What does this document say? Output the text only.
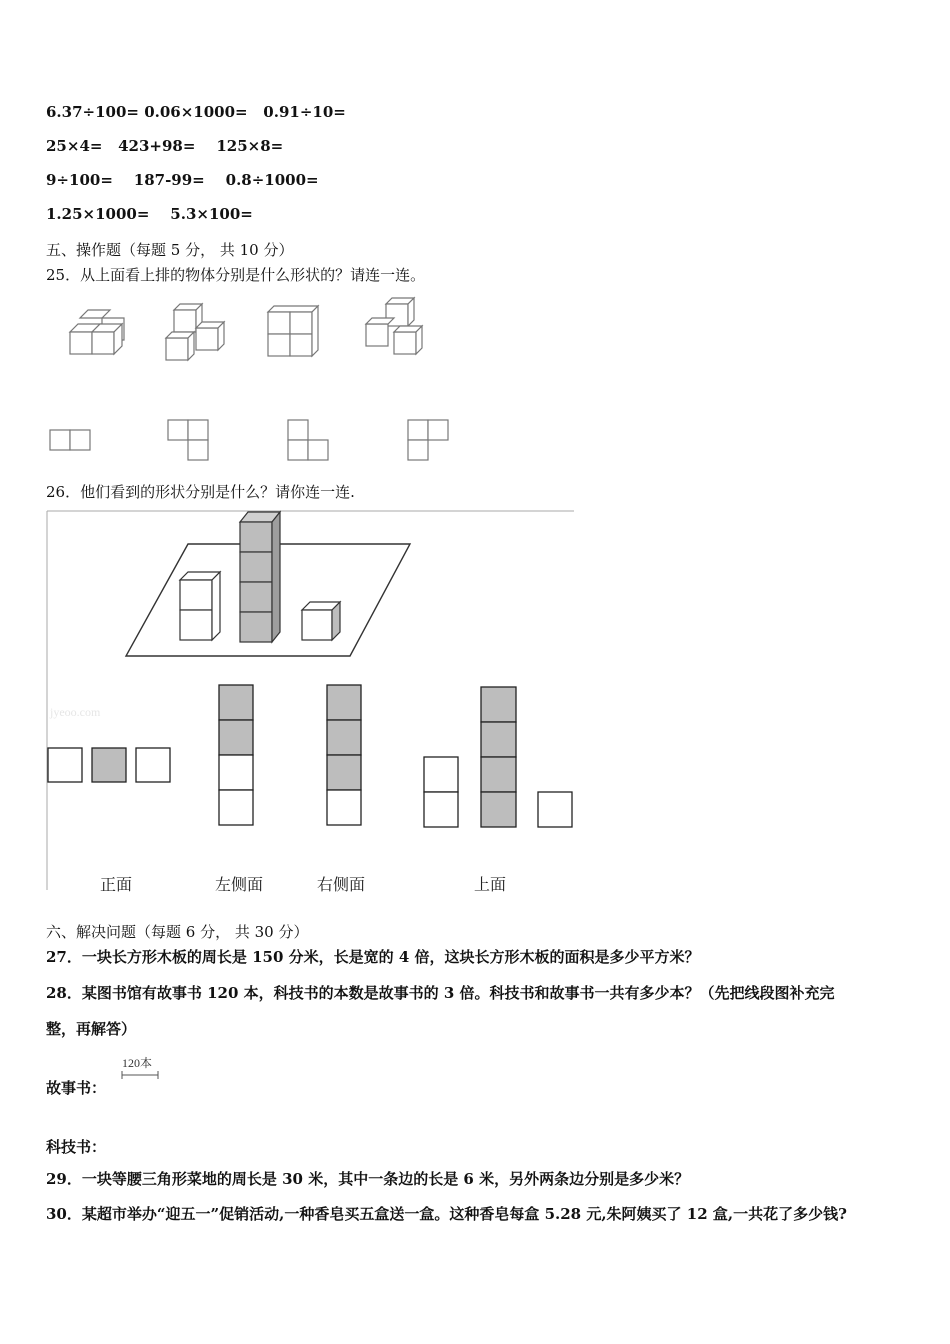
6.37÷100= 0.06×1000=   0.91÷10=
25×4=   423+98=    125×8=
9÷100=    187-99=    0.8÷1000=
1.25×1000=    5.3×100=
五、操作题（每题 5 分， 共 10 分）
25．从上面看上排的物体分别是什么形状的？请连一连。
26．他们看到的形状分别是什么？请你连一连.
jyeoo.com
正面	左侧面	右侧面	上面
六、解决问题（每题 6 分， 共 30 分）
27．一块长方形木板的周长是 150 分米，长是宽的 4 倍，这块长方形木板的面积是多少平方米？
28．某图书馆有故事书 120 本，科技书的本数是故事书的 3 倍。科技书和故事书一共有多少本？（先把线段图补充完
整，再解答）
故事书：
120本
科技书：
29．一块等腰三角形菜地的周长是 30 米，其中一条边的长是 6 米，另外两条边分别是多少米？
30．某超市举办“迎五一”促销活动,一种香皂买五盒送一盒。这种香皂每盒 5.28 元,朱阿姨买了 12 盒,一共花了多少钱?
